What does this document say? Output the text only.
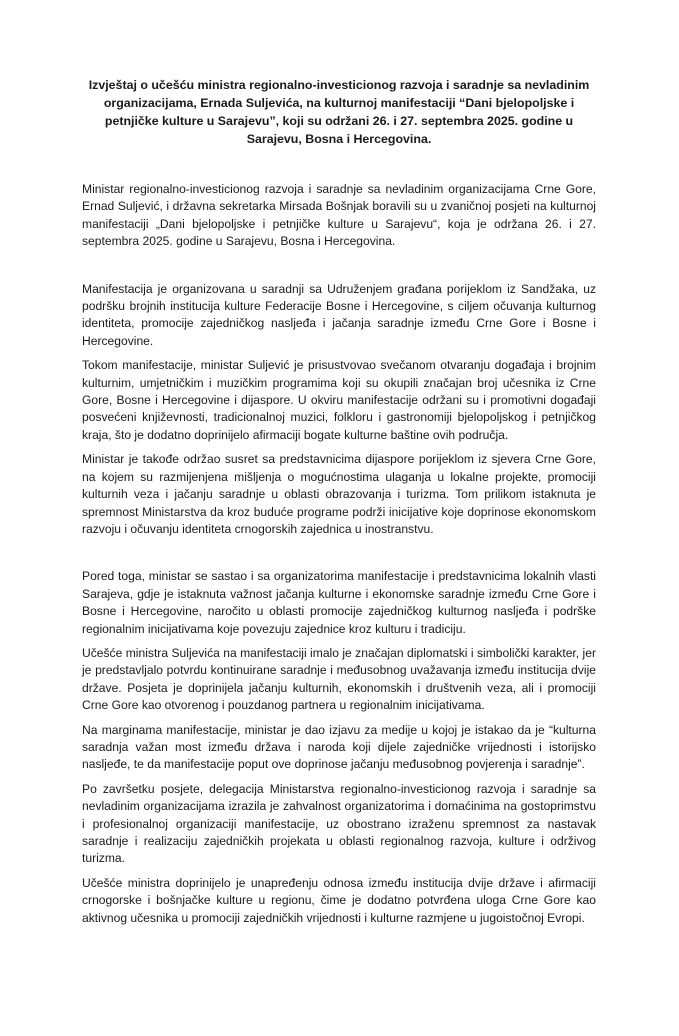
Izvještaj o učešću ministra regionalno-investicionog razvoja i saradnje sa nevladinim organizacijama, Ernada Suljevića, na kulturnoj manifestaciji “Dani bjelopoljske i petnjičke kulture u Sarajevu”, koji su održani 26. i 27. septembra 2025. godine u Sarajevu, Bosna i Hercegovina.

Ministar regionalno-investicionog razvoja i saradnje sa nevladinim organizacijama Crne Gore, Ernad Suljević, i državna sekretarka Mirsada Bošnjak boravili su u zvaničnoj posjeti na kulturnoj manifestaciji „Dani bjelopoljske i petnjičke kulture u Sarajevu“, koja je održana 26. i 27. septembra 2025. godine u Sarajevu, Bosna i Hercegovina.

Manifestacija je organizovana u saradnji sa Udruženjem građana porijeklom iz Sandžaka, uz podršku brojnih institucija kulture Federacije Bosne i Hercegovine, s ciljem očuvanja kulturnog identiteta, promocije zajedničkog nasljeđa i jačanja saradnje između Crne Gore i Bosne i Hercegovine.

Tokom manifestacije, ministar Suljević je prisustvovao svečanom otvaranju događaja i brojnim kulturnim, umjetničkim i muzičkim programima koji su okupili značajan broj učesnika iz Crne Gore, Bosne i Hercegovine i dijaspore. U okviru manifestacije održani su i promotivni događaji posvećeni književnosti, tradicionalnoj muzici, folkloru i gastronomiji bjelopoljskog i petnjičkog kraja, što je dodatno doprinijelo afirmaciji bogate kulturne baštine ovih područja.

Ministar je takođe održao susret sa predstavnicima dijaspore porijeklom iz sjevera Crne Gore, na kojem su razmijenjena mišljenja o mogućnostima ulaganja u lokalne projekte, promociji kulturnih veza i jačanju saradnje u oblasti obrazovanja i turizma. Tom prilikom istaknuta je spremnost Ministarstva da kroz buduće programe podrži inicijative koje doprinose ekonomskom razvoju i očuvanju identiteta crnogorskih zajednica u inostranstvu.

Pored toga, ministar se sastao i sa organizatorima manifestacije i predstavnicima lokalnih vlasti Sarajeva, gdje je istaknuta važnost jačanja kulturne i ekonomske saradnje između Crne Gore i Bosne i Hercegovine, naročito u oblasti promocije zajedničkog kulturnog nasljeđa i podrške regionalnim inicijativama koje povezuju zajednice kroz kulturu i tradiciju.

Učešće ministra Suljevića na manifestaciji imalo je značajan diplomatski i simbolički karakter, jer je predstavljalo potvrdu kontinuirane saradnje i međusobnog uvažavanja između institucija dvije države. Posjeta je doprinijela jačanju kulturnih, ekonomskih i društvenih veza, ali i promociji Crne Gore kao otvorenog i pouzdanog partnera u regionalnim inicijativama.

Na marginama manifestacije, ministar je dao izjavu za medije u kojoj je istakao da je “kulturna saradnja važan most između država i naroda koji dijele zajedničke vrijednosti i istorijsko nasljeđe, te da manifestacije poput ove doprinose jačanju međusobnog povjerenja i saradnje”.

Po završetku posjete, delegacija Ministarstva regionalno-investicionog razvoja i saradnje sa nevladinim organizacijama izrazila je zahvalnost organizatorima i domaćinima na gostoprimstvu i profesionalnoj organizaciji manifestacije, uz obostrano izraženu spremnost za nastavak saradnje i realizaciju zajedničkih projekata u oblasti regionalnog razvoja, kulture i održivog turizma.

Učešće ministra doprinijelo je unapređenju odnosa između institucija dvije države i afirmaciji crnogorske i bošnjačke kulture u regionu, čime je dodatno potvrđena uloga Crne Gore kao aktivnog učesnika u promociji zajedničkih vrijednosti i kulturne razmjene u jugoistočnoj Evropi.
